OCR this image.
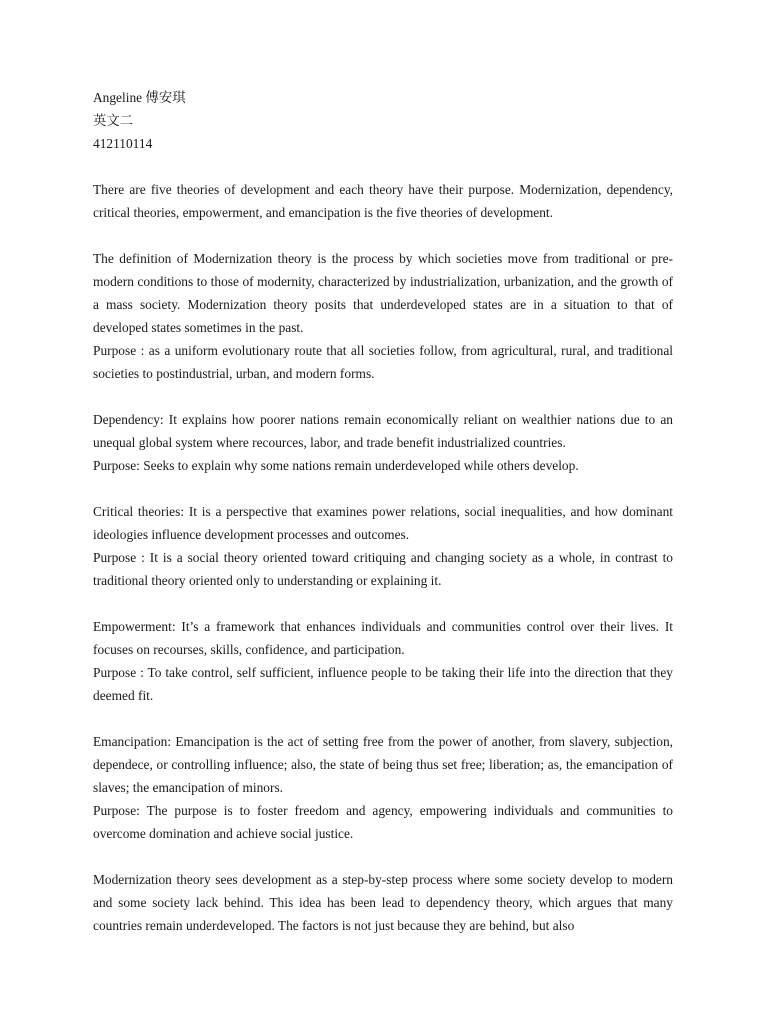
Angeline 傅安琪

英文二

412110114

There are five theories of development and each theory have their purpose. Modernization, dependency, critical theories, empowerment, and emancipation is the five theories of development.

The definition of Modernization theory is the process by which societies move from traditional or pre-modern conditions to those of modernity, characterized by industrialization, urbanization, and the growth of a mass society. Modernization theory posits that underdeveloped states are in a situation to that of developed states sometimes in the past.

Purpose : as a uniform evolutionary route that all societies follow, from agricultural, rural, and traditional societies to postindustrial, urban, and modern forms.

Dependency: It explains how poorer nations remain economically reliant on wealthier nations due to an unequal global system where recources, labor, and trade benefit industrialized countries.

Purpose: Seeks to explain why some nations remain underdeveloped while others develop.

Critical theories: It is a perspective that examines power relations, social inequalities, and how dominant ideologies influence development processes and outcomes.

Purpose : It is a social theory oriented toward critiquing and changing society as a whole, in contrast to traditional theory oriented only to understanding or explaining it.

Empowerment: It’s a framework that enhances individuals and communities control over their lives. It focuses on recourses, skills, confidence, and participation.

Purpose : To take control, self sufficient, influence people to be taking their life into the direction that they deemed fit.

Emancipation: Emancipation is the act of setting free from the power of another, from slavery, subjection, dependece, or controlling influence; also, the state of being thus set free; liberation; as, the emancipation of slaves; the emancipation of minors.

Purpose: The purpose is to foster freedom and agency, empowering individuals and communities to overcome domination and achieve social justice.

Modernization theory sees development as a step-by-step process where some society develop to modern and some society lack behind. This idea has been lead to dependency theory, which argues that many countries remain underdeveloped. The factors is not just because they are behind, but also
